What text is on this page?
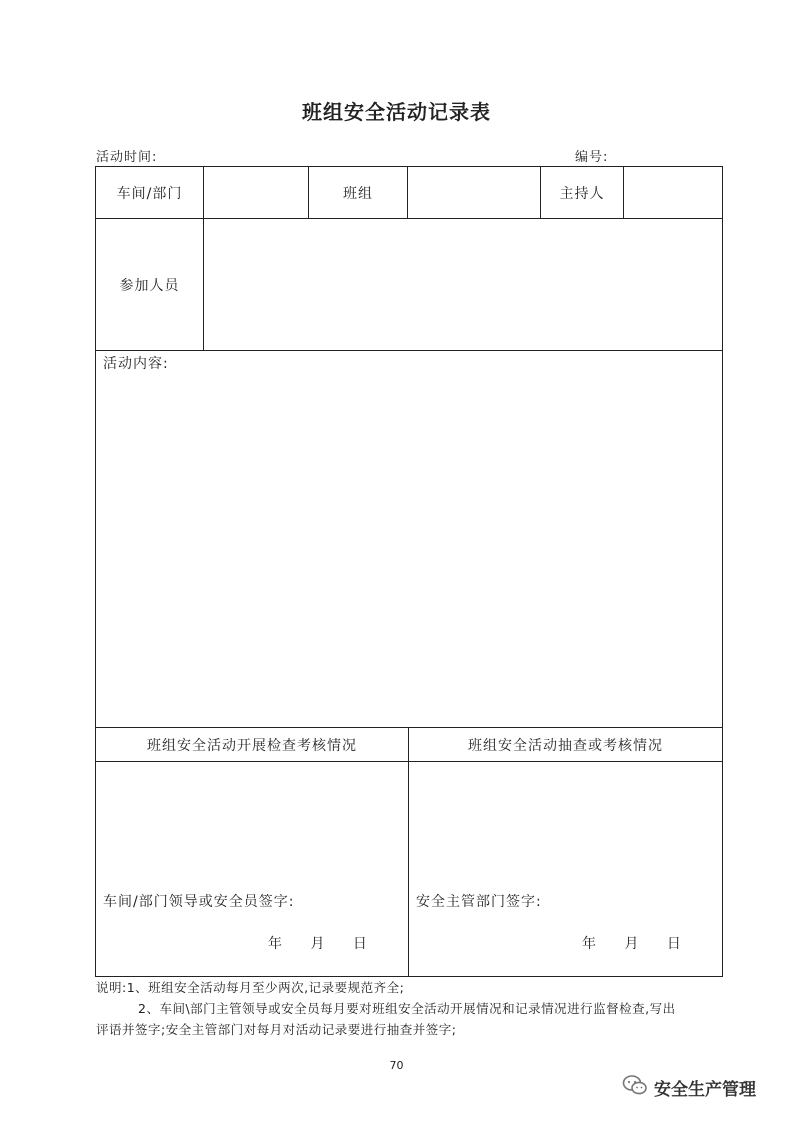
班组安全活动记录表
活动时间:	编号:
车间/部门	班组	主持人
参加人员
活动内容:
班组安全活动开展检查考核情况	班组安全活动抽查或考核情况
车间/部门领导或安全员签字:
年 月 日
安全主管部门签字:
年 月 日
说明:1、班组安全活动每月至少两次,记录要规范齐全;
2、车间\部门主管领导或安全员每月要对班组安全活动开展情况和记录情况进行监督检查,写出
评语并签字;安全主管部门对每月对活动记录要进行抽查并签字;
70
安全生产管理
